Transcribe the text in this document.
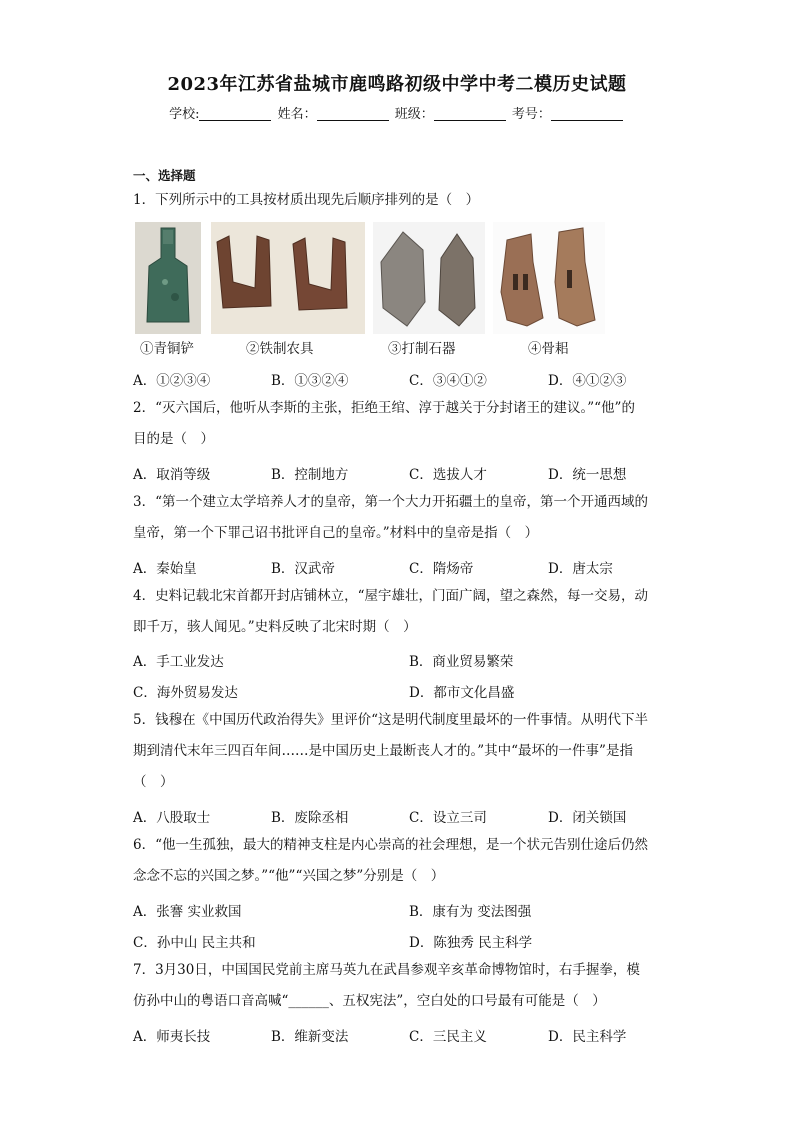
2023年江苏省盐城市鹿鸣路初级中学中考二模历史试题
学校:	姓名：	班级：	考号：
一、选择题
1．下列所示中的工具按材质出现先后顺序排列的是（　）
①青铜铲	②铁制农具	③打制石器	④骨耜
A．①②③④	B．①③②④	C．③④①②	D．④①②③
2．“灭六国后，他听从李斯的主张，拒绝王绾、淳于越关于分封诸王的建议。”“他”的
目的是（　）
A．取消等级	B．控制地方	C．选拔人才	D．统一思想
3．“第一个建立太学培养人才的皇帝，第一个大力开拓疆土的皇帝，第一个开通西域的
皇帝，第一个下罪己诏书批评自己的皇帝。”材料中的皇帝是指（　）
A．秦始皇	B．汉武帝	C．隋炀帝	D．唐太宗
4．史料记载北宋首都开封店铺林立，“屋宇雄壮，门面广阔，望之森然，每一交易，动
即千万，骇人闻见。”史料反映了北宋时期（　）
A．手工业发达	B．商业贸易繁荣
C．海外贸易发达	D．都市文化昌盛
5．钱穆在《中国历代政治得失》里评价“这是明代制度里最坏的一件事情。从明代下半
期到清代末年三四百年间……是中国历史上最断丧人才的。”其中“最坏的一件事”是指
（　）
A．八股取士	B．废除丞相	C．设立三司	D．闭关锁国
6．“他一生孤独，最大的精神支柱是内心崇高的社会理想，是一个状元告别仕途后仍然
念念不忘的兴国之梦。”“他”“兴国之梦”分别是（　）
A．张謇 实业救国	B．康有为 变法图强
C．孙中山 民主共和	D．陈独秀 民主科学
7．3月30日，中国国民党前主席马英九在武昌参观辛亥革命博物馆时，右手握拳，模
仿孙中山的粤语口音高喊“______、五权宪法”，空白处的口号最有可能是（　）
A．师夷长技	B．维新变法	C．三民主义	D．民主科学
